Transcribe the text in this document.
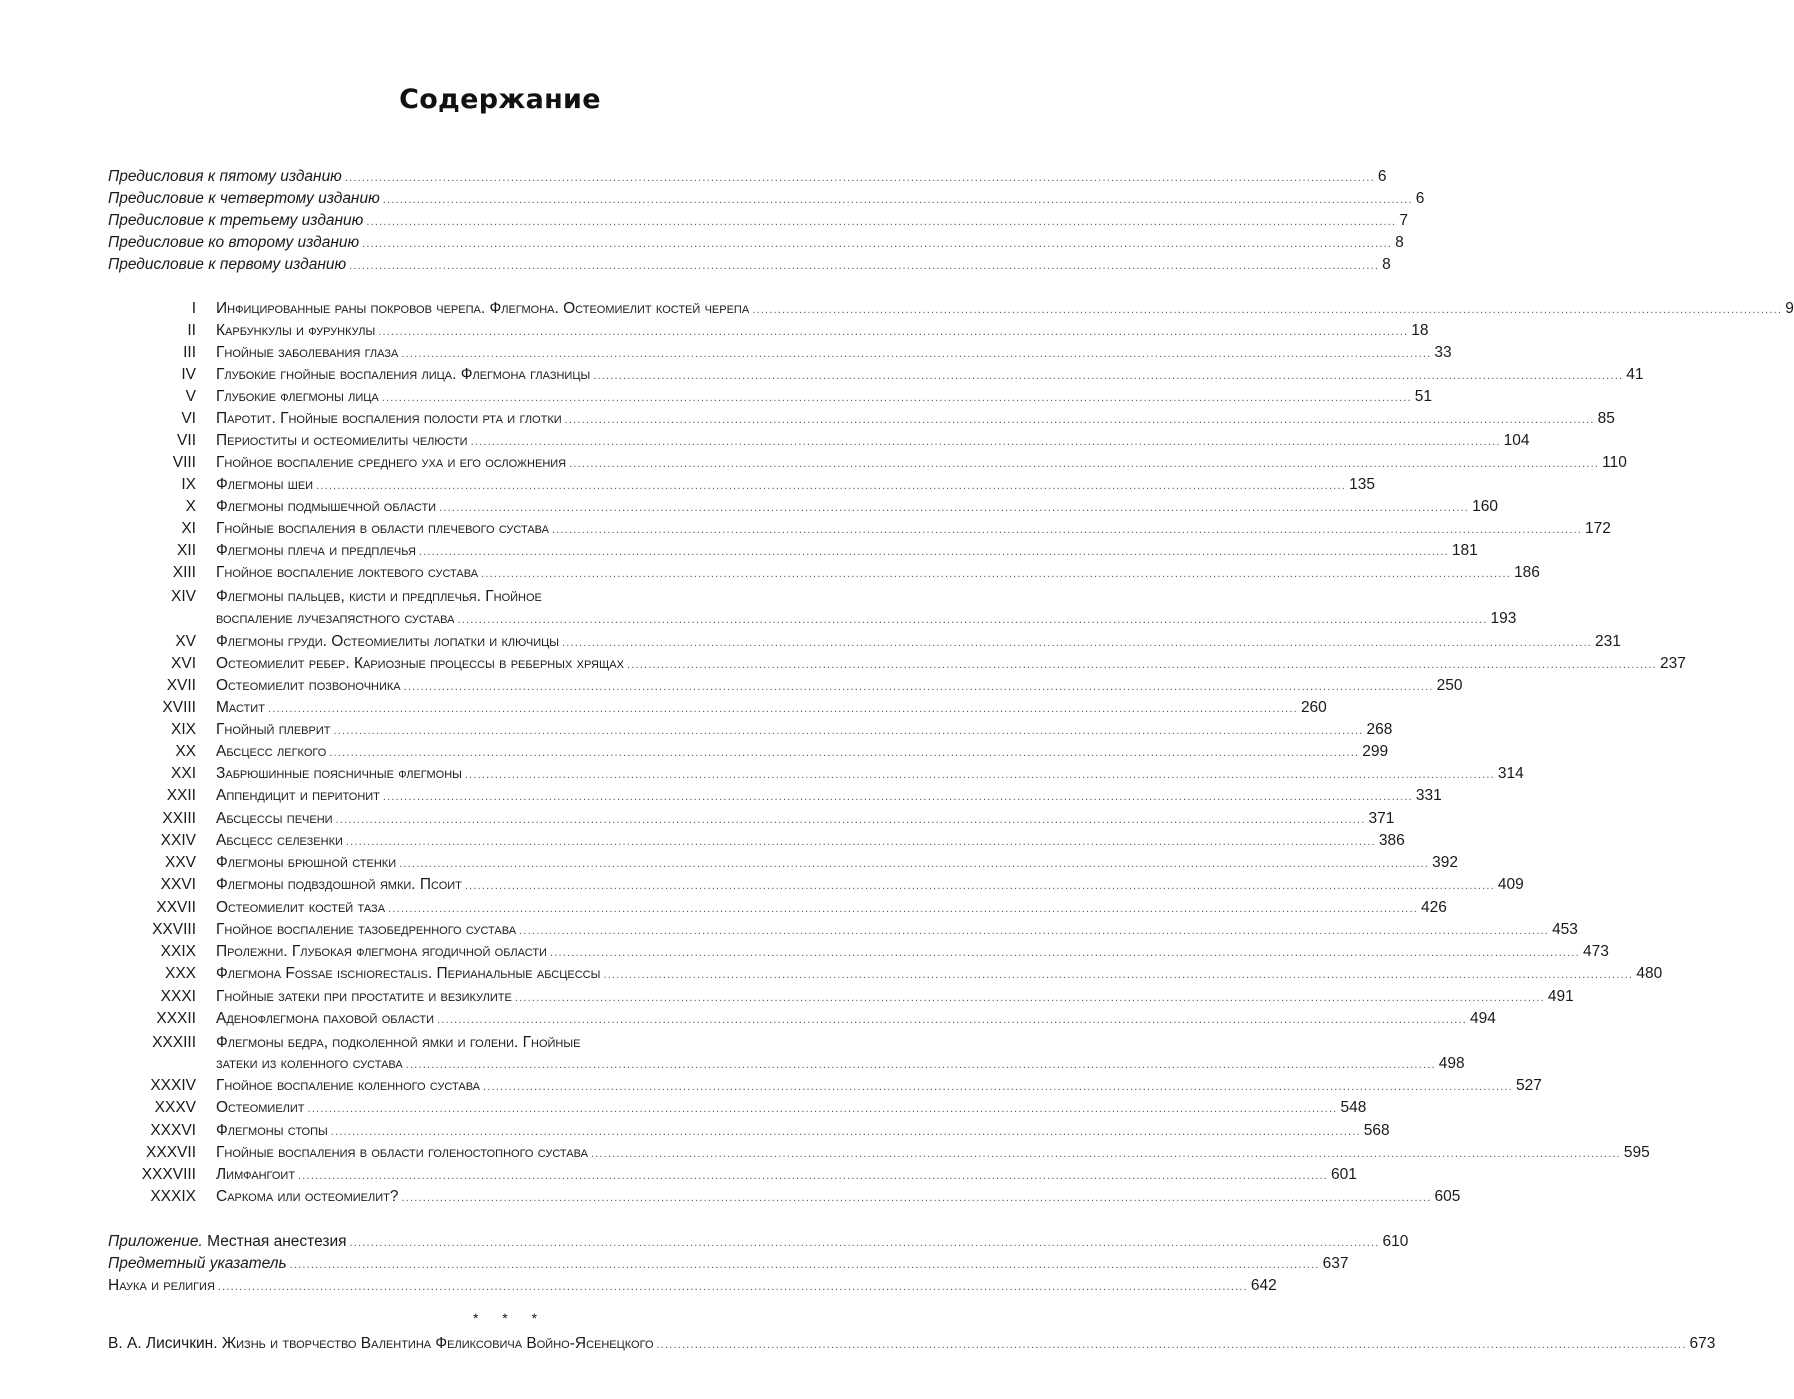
Содержание
Предисловия к пятому изданию .....	6
Предисловие к четвертому изданию .....	6
Предисловие к третьему изданию .....	7
Предисловие ко второму изданию .....	8
Предисловие к первому изданию .....	8
I Инфицированные раны покровов черепа. Флегмона. Остеомиелит костей черепа .....	9
II Карбункулы и фурункулы .....	18
III Гнойные заболевания глаза .....	33
IV Глубокие гнойные воспаления лица. Флегмона глазницы .....	41
V Глубокие флегмоны лица .....	51
VI Паротит. Гнойные воспаления полости рта и глотки .....	85
VII Периоститы и остеомиелиты челюсти .....	104
VIII Гнойное воспаление среднего уха и его осложнения .....	110
IX Флегмоны шеи .....	135
X Флегмоны подмышечной области .....	160
XI Гнойные воспаления в области плечевого сустава .....	172
XII Флегмоны плеча и предплечья .....	181
XIII Гнойное воспаление локтевого сустава .....	186
XIV Флегмоны пальцев, кисти и предплечья. Гнойное
воспаление лучезапястного сустава .....	193
XV Флегмоны груди. Остеомиелиты лопатки и ключицы .....	231
XVI Остеомиелит ребер. Кариозные процессы в реберных хрящах .....	237
XVII Остеомиелит позвоночника .....	250
XVIII Мастит .....	260
XIX Гнойный плеврит .....	268
XX Абсцесс легкого .....	299
XXI Забрюшинные поясничные флегмоны .....	314
XXII Аппендицит и перитонит .....	331
XXIII Абсцессы печени .....	371
XXIV Абсцесс селезенки .....	386
XXV Флегмоны брюшной стенки .....	392
XXVI Флегмоны подвздошной ямки. Псоит .....	409
XXVII Остеомиелит костей таза .....	426
XXVIII Гнойное воспаление тазобедренного сустава .....	453
XXIX Пролежни. Глубокая флегмона ягодичной области .....	473
XXX Флегмона Fossae ischiorectalis. Перианальные абсцессы .....	480
XXXI Гнойные затеки при простатите и везикулите .....	491
XXXII Аденофлегмона паховой области .....	494
XXXIII Флегмоны бедра, подколенной ямки и голени. Гнойные
затеки из коленного сустава .....	498
XXXIV Гнойное воспаление коленного сустава .....	527
XXXV Остеомиелит .....	548
XXXVI Флегмоны стопы .....	568
XXXVII Гнойные воспаления в области голеностопного сустава .....	595
XXXVIII Лимфангоит .....	601
XXXIX Саркома или остеомиелит? .....	605
Приложение. Местная анестезия .....	610
Предметный указатель .....	637
Наука и религия .....	642
* * *
В. А. Лисичкин. Жизнь и творчество Валентина Феликсовича Войно-Ясенецкого .....	673
